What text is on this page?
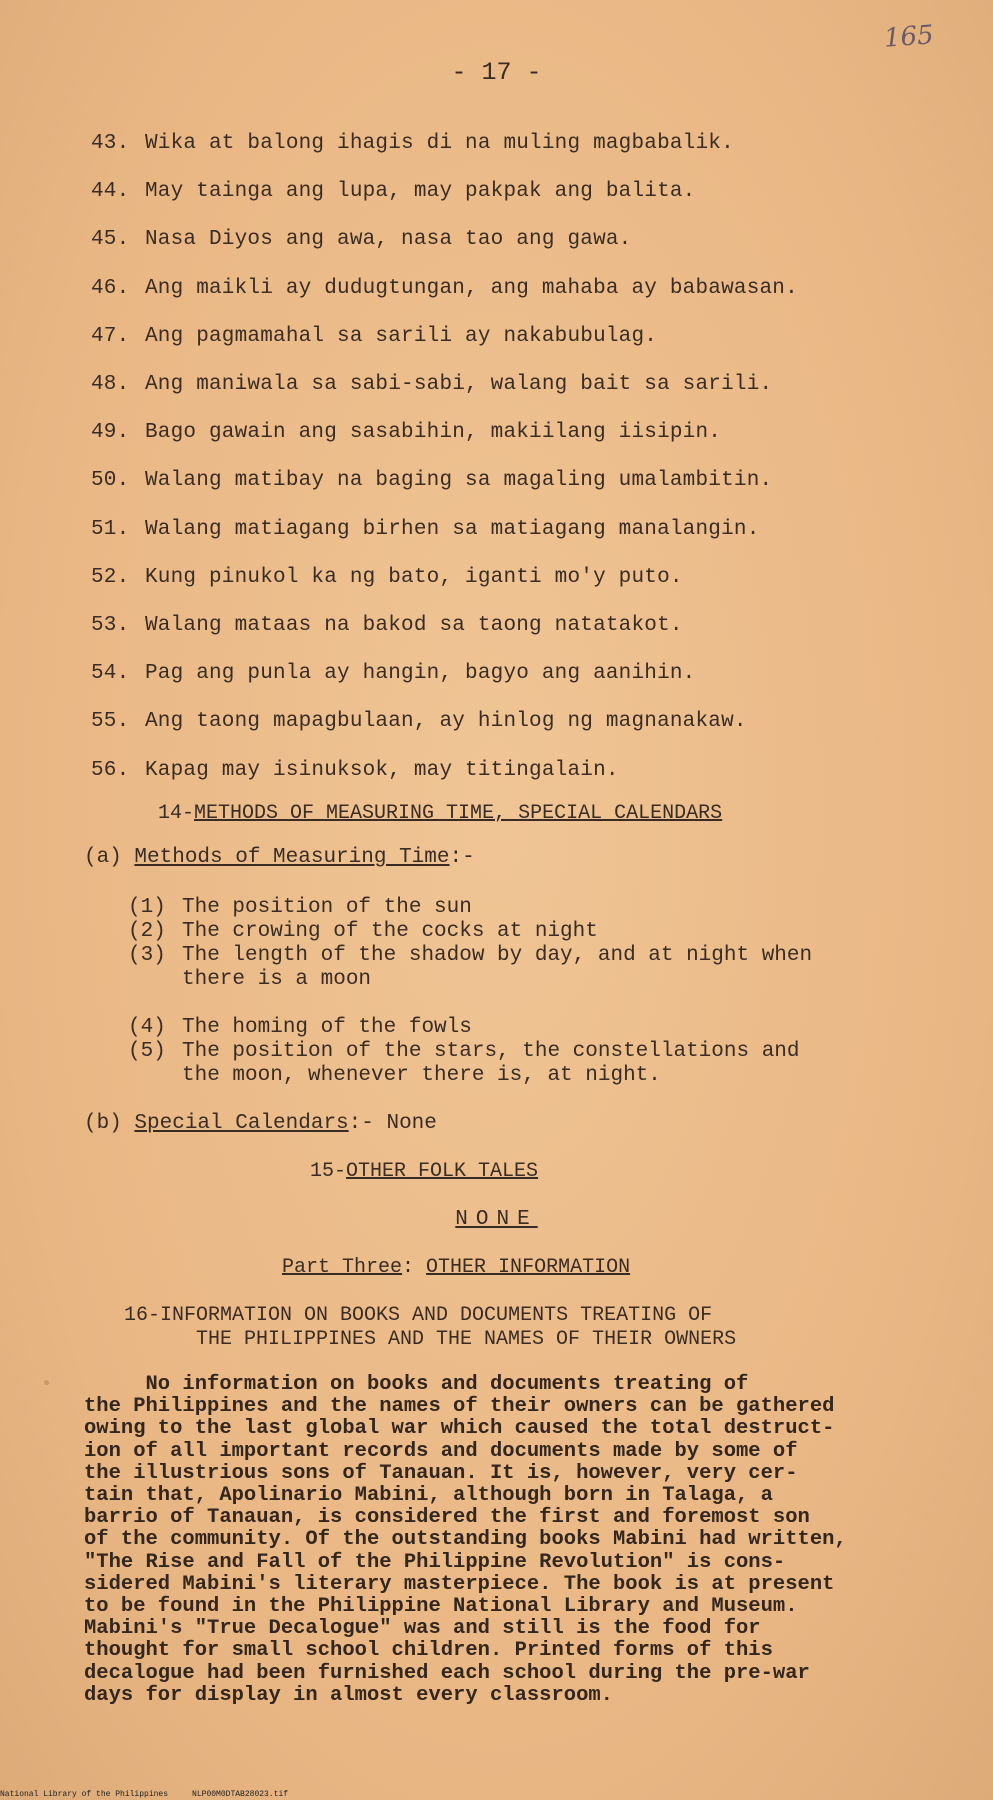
165
- 17 -
43. Wika at balong ihagis di na muling magbabalik.
44. May tainga ang lupa, may pakpak ang balita.
45. Nasa Diyos ang awa, nasa tao ang gawa.
46. Ang maikli ay dudugtungan, ang mahaba ay babawasan.
47. Ang pagmamahal sa sarili ay nakabubulag.
48. Ang maniwala sa sabi-sabi, walang bait sa sarili.
49. Bago gawain ang sasabihin, makiilang iisipin.
50. Walang matibay na baging sa magaling umalambitin.
51. Walang matiagang birhen sa matiagang manalangin.
52. Kung pinukol ka ng bato, iganti mo'y puto.
53. Walang mataas na bakod sa taong natatakot.
54. Pag ang punla ay hangin, bagyo ang aanihin.
55. Ang taong mapagbulaan, ay hinlog ng magnanakaw.
56. Kapag may isinuksok, may titingalain.
14-METHODS OF MEASURING TIME, SPECIAL CALENDARS
(a) Methods of Measuring Time:-
(1) The position of the sun
(2) The crowing of the cocks at night
(3) The length of the shadow by day, and at night when
there is a moon
(4) The homing of the fowls
(5) The position of the stars, the constellations and
the moon, whenever there is, at night.
(b) Special Calendars:- None
15-OTHER FOLK TALES
NONE
Part Three: OTHER INFORMATION
16-INFORMATION ON BOOKS AND DOCUMENTS TREATING OF
THE PHILIPPINES AND THE NAMES OF THEIR OWNERS
No information on books and documents treating of
the Philippines and the names of their owners can be gathered
owing to the last global war which caused the total destruct-
ion of all important records and documents made by some of
the illustrious sons of Tanauan. It is, however, very cer-
tain that, Apolinario Mabini, although born in Talaga, a
barrio of Tanauan, is considered the first and foremost son
of the community. Of the outstanding books Mabini had written,
"The Rise and Fall of the Philippine Revolution" is cons-
sidered Mabini's literary masterpiece. The book is at present
to be found in the Philippine National Library and Museum.
Mabini's "True Decalogue" was and still is the food for
thought for small school children. Printed forms of this
decalogue had been furnished each school during the pre-war
days for display in almost every classroom.
National Library of the Philippines	NLP00M0DTAB28023.tif
